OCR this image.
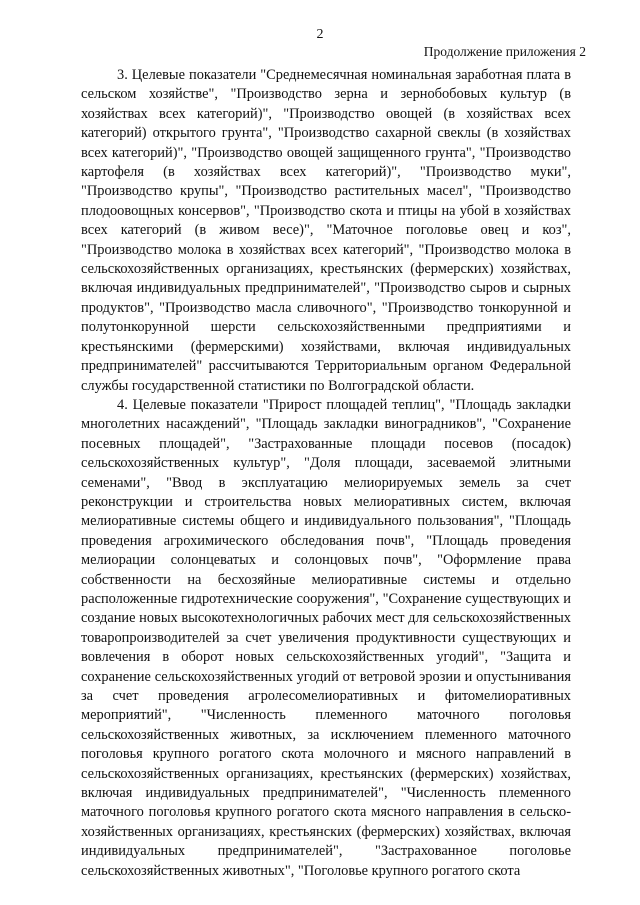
2
Продолжение приложения 2

3. Целевые показатели "Среднемесячная номинальная заработная плата в сельском хозяйстве", "Производство зерна и зернобобовых культур (в хозяйствах всех категорий)", "Производство овощей (в хозяйствах всех категорий) открытого грунта", "Производство сахарной свеклы (в хозяйствах всех категорий)", "Производство овощей защищенного грунта", "Производство картофеля (в хозяйствах всех категорий)", "Производство муки", "Производство крупы", "Производство растительных масел", "Производство плодоовощных консервов", "Производство скота и птицы на убой в хозяйствах всех категорий (в живом весе)", "Маточное поголовье овец и коз", "Производство молока в хозяйствах всех категорий", "Производство молока в сельскохозяйственных организациях, крестьянских (фермерских) хозяйствах, включая индивидуальных предпринимателей", "Производство сыров и сырных продуктов", "Производство масла сливочного", "Производство тонкорунной и полутонкорунной шерсти сельскохозяйственными предприятиями и крестьянскими (фермерскими) хозяйствами, включая индивидуальных предпринимателей" рассчитываются Территориальным органом Федеральной службы государственной статистики по Волгоградской области.

4. Целевые показатели "Прирост площадей теплиц", "Площадь закладки многолетних насаждений", "Площадь закладки виноградников", "Сохранение посевных площадей", "Застрахованные площади посевов (посадок) сельскохозяйственных культур", "Доля площади, засеваемой элитными семенами", "Ввод в эксплуатацию мелиорируемых земель за счет реконструкции и строительства новых мелиоративных систем, включая мелиоративные системы общего и индивидуального пользования", "Площадь проведения агрохимического обследования почв", "Площадь проведения мелиорации солонцеватых и солонцовых почв", "Оформление права собственности на бесхозяйные мелиоративные системы и отдельно расположенные гидротехнические сооружения", "Сохранение существующих и создание новых высокотехнологичных рабочих мест для сельскохозяйственных товаропроизводителей за счет увеличения продуктивности существующих и вовлечения в оборот новых сельскохозяйственных угодий", "Защита и сохранение сельскохозяйственных угодий от ветровой эрозии и опустынивания за счет проведения агролесомелиоративных и фитомелиоративных мероприятий", "Численность племенного маточного поголовья сельскохозяйственных животных, за исключением племенного маточного поголовья крупного рогатого скота молочного и мясного направлений в сельскохозяйственных организациях, крестьянских (фермерских) хозяйствах, включая индивидуальных предпринимателей", "Численность племенного маточного поголовья крупного рогатого скота мясного направления в сельскохозяйственных организациях, крестьянских (фермерских) хозяйствах, включая индивидуальных предпринимателей", "Застрахованное поголовье сельскохозяйственных животных", "Поголовье крупного рогатого скота
